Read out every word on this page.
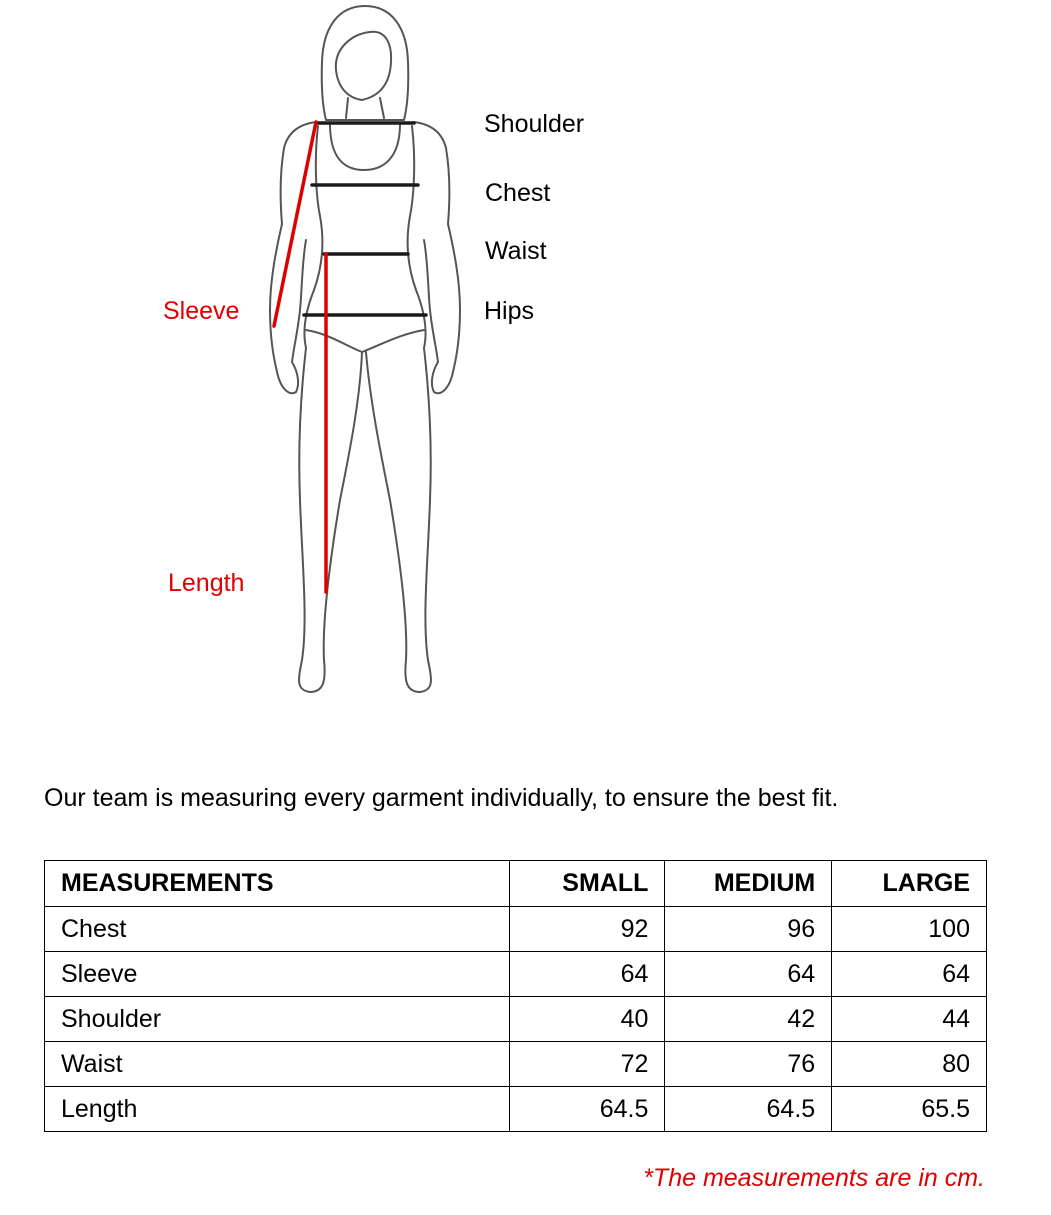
Shoulder
Chest
Waist
Hips
Sleeve
Length
Our team is measuring every garment individually, to ensure the best fit.
MEASUREMENTS	SMALL	MEDIUM	LARGE
Chest	92	96	100
Sleeve	64	64	64
Shoulder	40	42	44
Waist	72	76	80
Length	64.5	64.5	65.5
*The measurements are in cm.
